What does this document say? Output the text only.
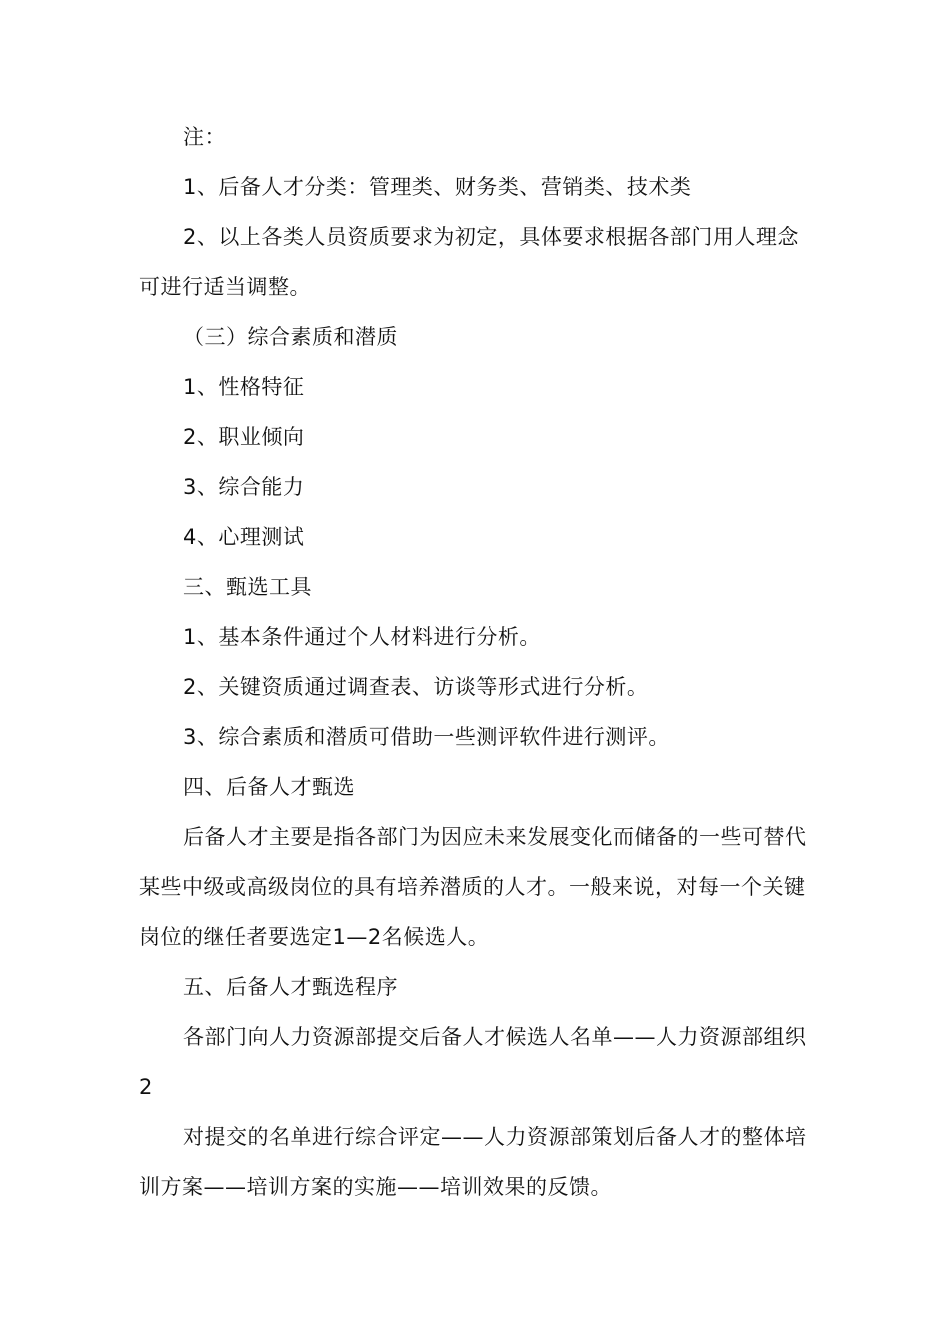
注：

1、后备人才分类：管理类、财务类、营销类、技术类

2、以上各类人员资质要求为初定，具体要求根据各部门用人理念可进行适当调整。

（三）综合素质和潜质

1、性格特征

2、职业倾向

3、综合能力

4、心理测试

三、甄选工具

1、基本条件通过个人材料进行分析。

2、关键资质通过调查表、访谈等形式进行分析。

3、综合素质和潜质可借助一些测评软件进行测评。

四、后备人才甄选

后备人才主要是指各部门为因应未来发展变化而储备的一些可替代某些中级或高级岗位的具有培养潜质的人才。一般来说，对每一个关键岗位的继任者要选定1—2名候选人。

五、后备人才甄选程序

各部门向人力资源部提交后备人才候选人名单——人力资源部组织2

对提交的名单进行综合评定——人力资源部策划后备人才的整体培训方案——培训方案的实施——培训效果的反馈。
